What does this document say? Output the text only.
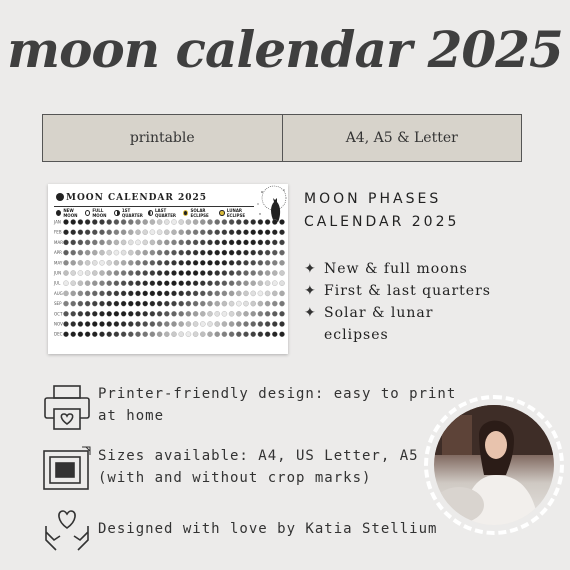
moon calendar 2025
printable	A4, A5 & Letter
MOON CALENDAR 2025
NEW MOON
FULL MOON
1ST QUARTER
LAST QUARTER
SOLAR ECLIPSE
LUNAR ECLIPSE
JAN
FEB
MAR
APR
MAY
JUN
JUL
AUG
SEP
OCT
NOV
DEC
MOON PHASES
CALENDAR 2025
✦ New & full moons
✦ First & last quarters
✦ Solar & lunar
eclipses
Printer-friendly design: easy to print
at home
Sizes available: A4, US Letter, A5
(with and without crop marks)
Designed with love by Katia Stellium
